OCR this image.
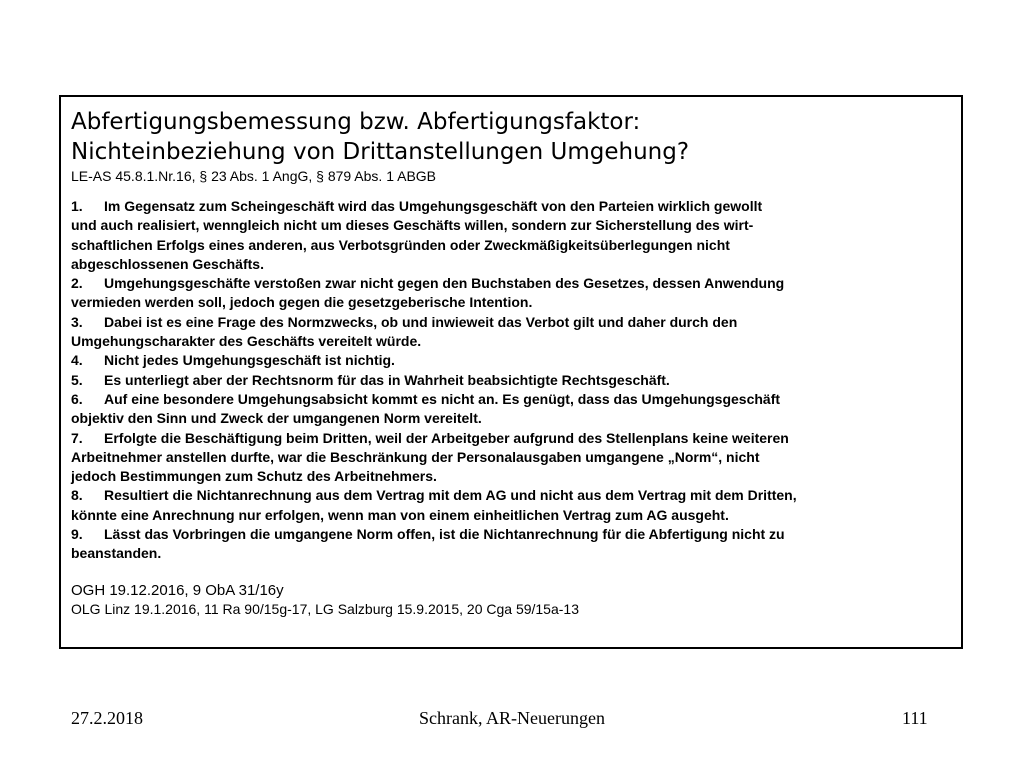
Abfertigungsbemessung bzw. Abfertigungsfaktor:
Nichteinbeziehung von Drittanstellungen Umgehung?
LE-AS 45.8.1.Nr.16, § 23 Abs. 1 AngG, § 879 Abs. 1 ABGB
1. Im Gegensatz zum Scheingeschäft wird das Umgehungsgeschäft von den Parteien wirklich gewollt
und auch realisiert, wenngleich nicht um dieses Geschäfts willen, sondern zur Sicherstellung des wirt-
schaftlichen Erfolgs eines anderen, aus Verbotsgründen oder Zweckmäßigkeitsüberlegungen nicht
abgeschlossenen Geschäfts.
2. Umgehungsgeschäfte verstoßen zwar nicht gegen den Buchstaben des Gesetzes, dessen Anwendung
vermieden werden soll, jedoch gegen die gesetzgeberische Intention.
3. Dabei ist es eine Frage des Normzwecks, ob und inwieweit das Verbot gilt und daher durch den
Umgehungscharakter des Geschäfts vereitelt würde.
4. Nicht jedes Umgehungsgeschäft ist nichtig.
5. Es unterliegt aber der Rechtsnorm für das in Wahrheit beabsichtigte Rechtsgeschäft.
6. Auf eine besondere Umgehungsabsicht kommt es nicht an. Es genügt, dass das Umgehungsgeschäft
objektiv den Sinn und Zweck der umgangenen Norm vereitelt.
7. Erfolgte die Beschäftigung beim Dritten, weil der Arbeitgeber aufgrund des Stellenplans keine weiteren
Arbeitnehmer anstellen durfte, war die Beschränkung der Personalausgaben umgangene „Norm“, nicht
jedoch Bestimmungen zum Schutz des Arbeitnehmers.
8. Resultiert die Nichtanrechnung aus dem Vertrag mit dem AG und nicht aus dem Vertrag mit dem Dritten,
könnte eine Anrechnung nur erfolgen, wenn man von einem einheitlichen Vertrag zum AG ausgeht.
9. Lässt das Vorbringen die umgangene Norm offen, ist die Nichtanrechnung für die Abfertigung nicht zu
beanstanden.
OGH 19.12.2016, 9 ObA 31/16y
OLG Linz 19.1.2016, 11 Ra 90/15g-17, LG Salzburg 15.9.2015, 20 Cga 59/15a-13
27.2.2018	Schrank, AR-Neuerungen	111
